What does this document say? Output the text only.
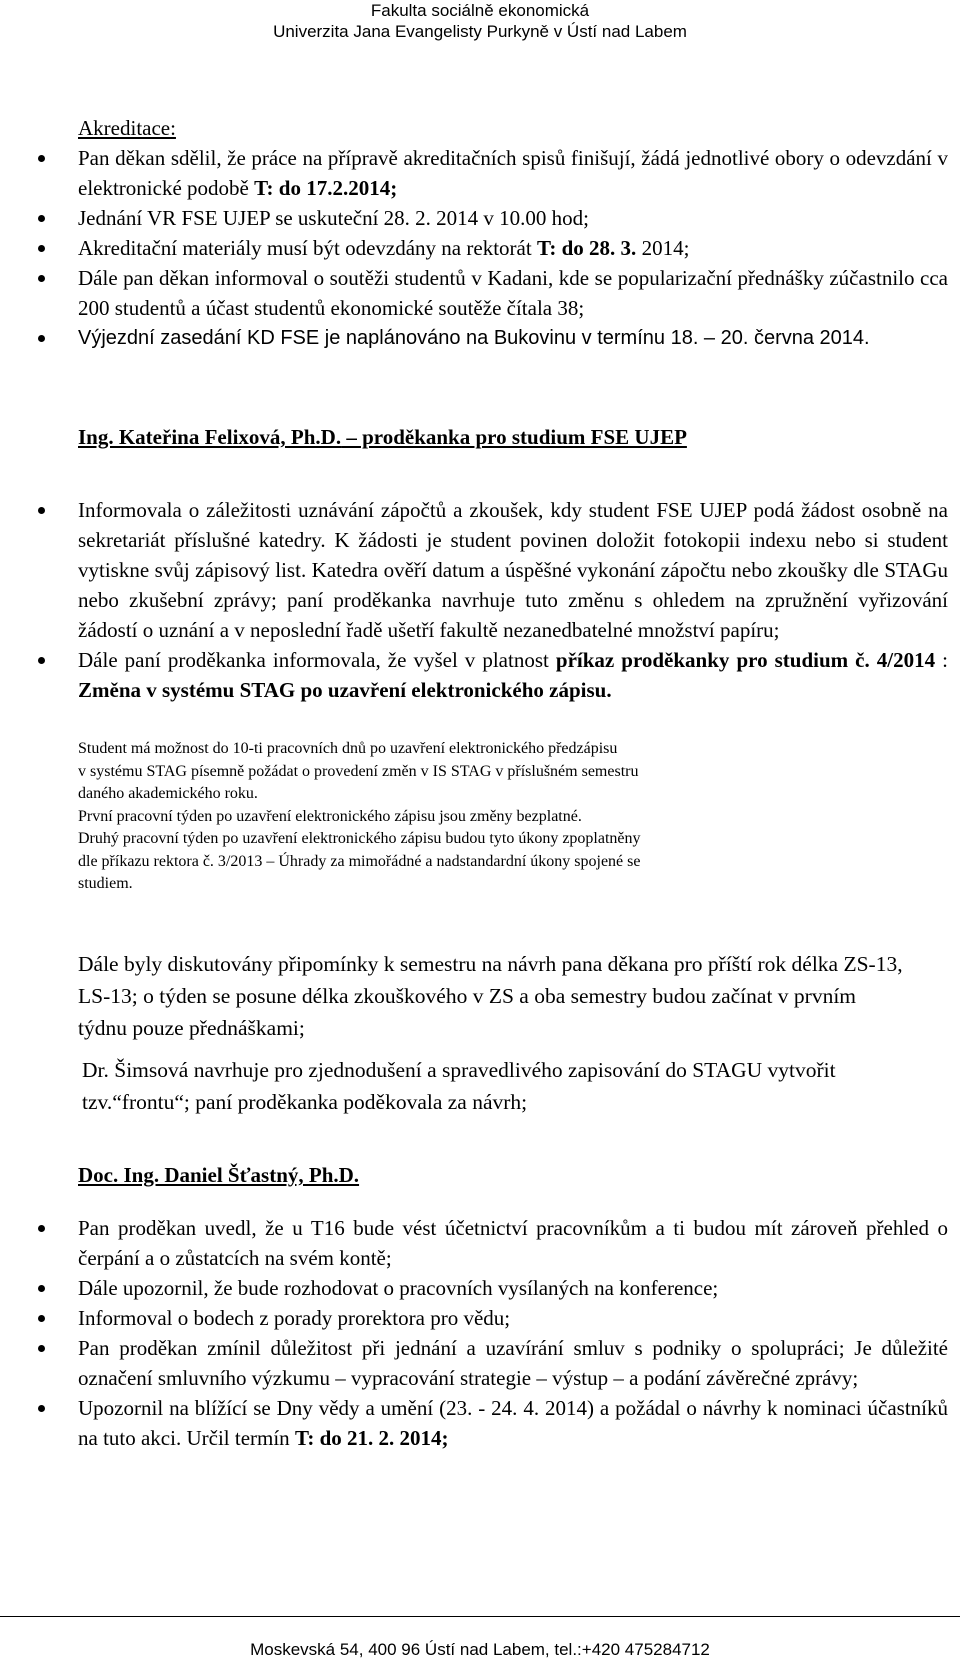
Fakulta sociálně ekonomická
Univerzita Jana Evangelisty Purkyně v Ústí nad Labem
Akreditace:
Pan děkan sdělil, že práce na přípravě akreditačních spisů finišují, žádá jednotlivé obory o odevzdání v elektronické podobě T: do 17.2.2014;
Jednání VR FSE UJEP se uskuteční 28. 2. 2014 v 10.00 hod;
Akreditační materiály musí být odevzdány na rektorát T: do 28. 3. 2014;
Dále pan děkan informoval o soutěži studentů v Kadani, kde se popularizační přednášky zúčastnilo cca 200 studentů a účast studentů ekonomické soutěže čítala 38;
Výjezdní zasedání KD FSE je naplánováno na Bukovinu v termínu 18. – 20. června 2014.
Ing. Kateřina Felixová, Ph.D. – proděkanka pro studium FSE UJEP
Informovala o záležitosti uznávání zápočtů a zkoušek, kdy student FSE UJEP podá žádost osobně na sekretariát příslušné katedry. K žádosti je student povinen doložit fotokopii indexu nebo si student vytiskne svůj zápisový list. Katedra ověří datum a úspěšné vykonání zápočtu nebo zkoušky dle STAGu nebo zkušební zprávy; paní proděkanka navrhuje tuto změnu s ohledem na zpružnění vyřizování žádostí o uznání a v neposlední řadě ušetří fakultě nezanedbatelné množství papíru;
Dále paní proděkanka informovala, že vyšel v platnost příkaz proděkanky pro studium č. 4/2014 : Změna v systému STAG po uzavření elektronického zápisu.
Student má možnost do 10-ti pracovních dnů po uzavření elektronického předzápisu
v systému STAG písemně požádat o provedení změn v IS STAG v příslušném semestru
daného akademického roku.
První pracovní týden po uzavření elektronického zápisu jsou změny bezplatné.
Druhý pracovní týden po uzavření elektronického zápisu budou tyto úkony zpoplatněny
dle příkazu rektora č. 3/2013 – Úhrady za mimořádné a nadstandardní úkony spojené se
studiem.
Dále byly diskutovány připomínky k semestru na návrh pana děkana pro příští rok délka ZS-13, LS-13; o týden se posune délka zkouškového v ZS a oba semestry budou začínat v prvním týdnu pouze přednáškami;
Dr. Šimsová navrhuje pro zjednodušení a spravedlivého zapisování do STAGU vytvořit tzv.“frontu“; paní proděkanka poděkovala za návrh;
Doc. Ing. Daniel Šťastný, Ph.D.
Pan proděkan uvedl, že u T16 bude vést účetnictví pracovníkům a ti budou mít zároveň přehled o čerpání a o zůstatcích na svém kontě;
Dále upozornil, že bude rozhodovat o pracovních vysílaných na konference;
Informoval o bodech z porady prorektora pro vědu;
Pan proděkan zmínil důležitost při jednání a uzavírání smluv s podniky o spolupráci; Je důležité označení smluvního výzkumu – vypracování strategie – výstup – a podání závěrečné zprávy;
Upozornil na blížící se Dny vědy a umění (23. - 24. 4. 2014) a požádal o návrhy k nominaci účastníků na tuto akci. Určil termín T: do 21. 2. 2014;
Moskevská 54, 400 96 Ústí nad Labem, tel.:+420 475284712
